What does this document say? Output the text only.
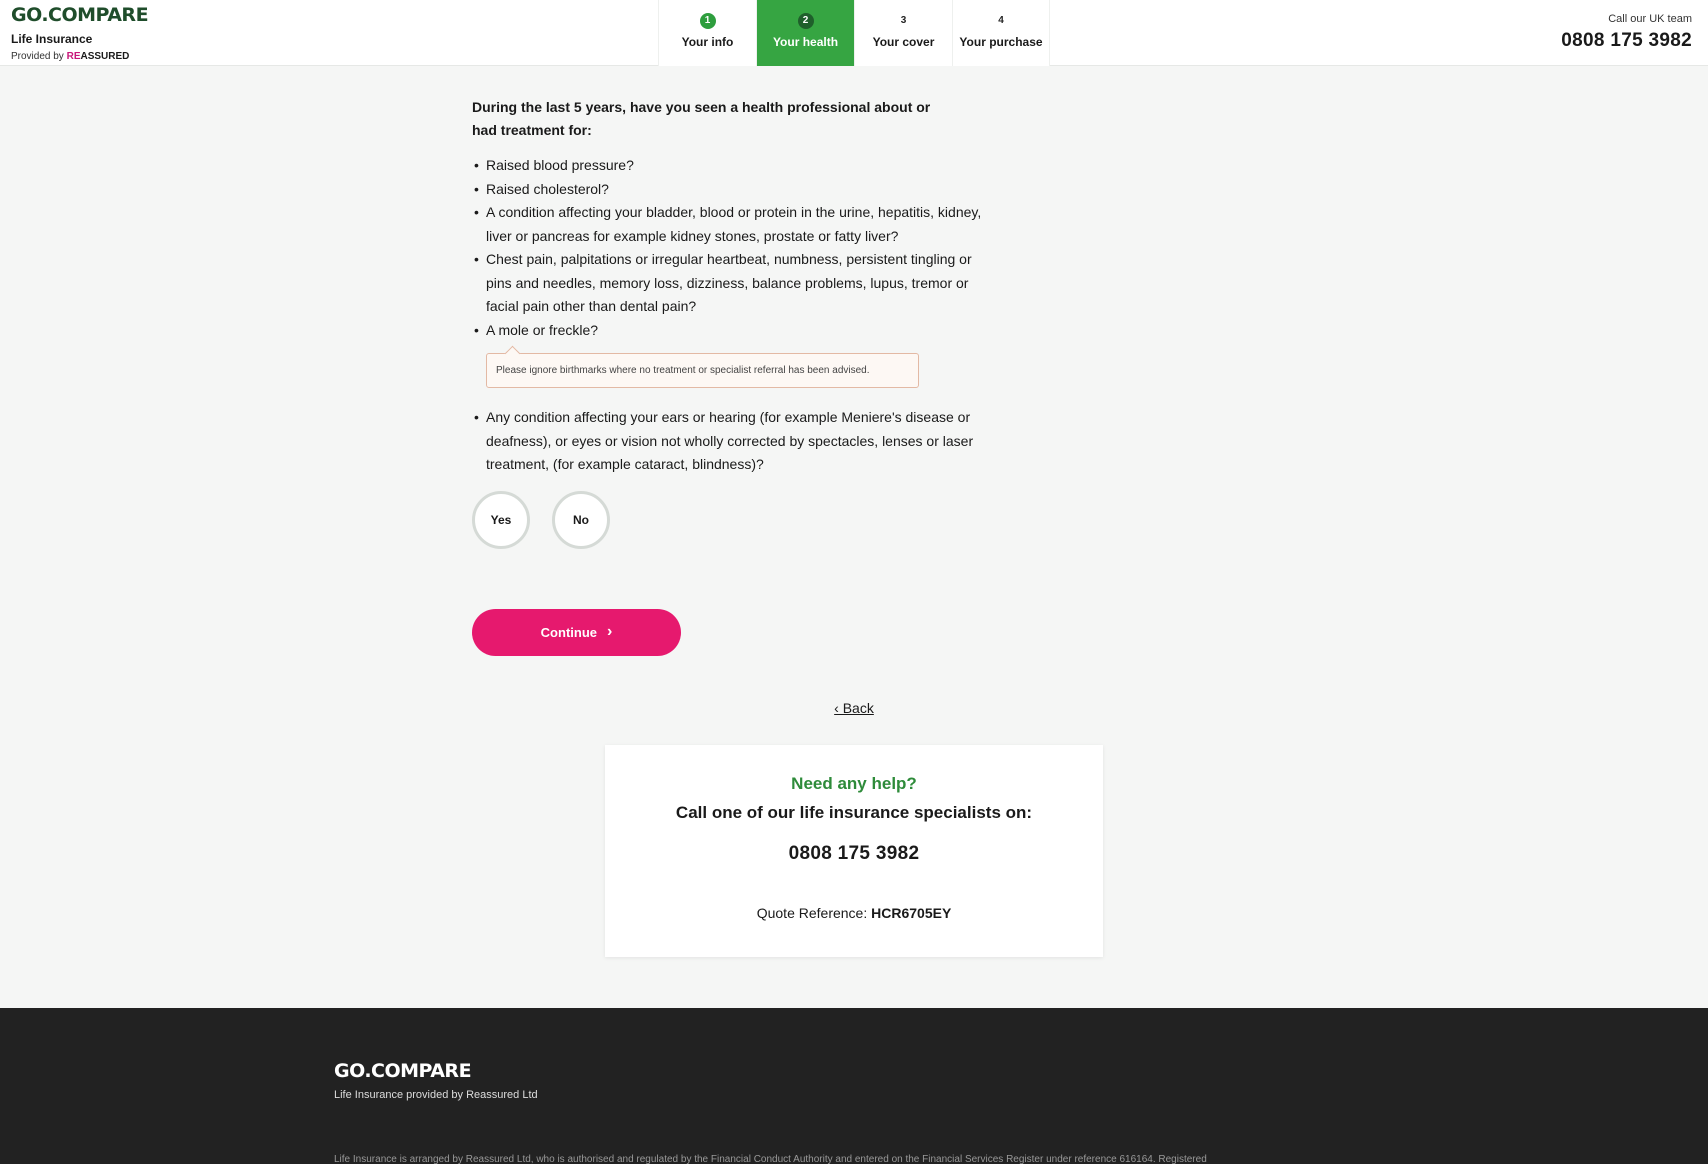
GO.COMPARE
Life Insurance
Provided by REASSURED
1
Your info
2
Your health
3
Your cover
4
Your purchase
Call our UK team
0808 175 3982
During the last 5 years, have you seen a health professional about or had treatment for:
• Raised blood pressure?
• Raised cholesterol?
• A condition affecting your bladder, blood or protein in the urine, hepatitis, kidney, liver or pancreas for example kidney stones, prostate or fatty liver?
• Chest pain, palpitations or irregular heartbeat, numbness, persistent tingling or pins and needles, memory loss, dizziness, balance problems, lupus, tremor or facial pain other than dental pain?
• A mole or freckle?
Please ignore birthmarks where no treatment or specialist referral has been advised.
• Any condition affecting your ears or hearing (for example Meniere's disease or deafness), or eyes or vision not wholly corrected by spectacles, lenses or laser treatment, (for example cataract, blindness)?
Yes	No
Continue ›
‹ Back
Need any help?
Call one of our life insurance specialists on:
0808 175 3982
Quote Reference: HCR6705EY
GO.COMPARE
Life Insurance provided by Reassured Ltd
Life Insurance is arranged by Reassured Ltd, who is authorised and regulated by the Financial Conduct Authority and entered on the Financial Services Register under reference 616164. Registered
